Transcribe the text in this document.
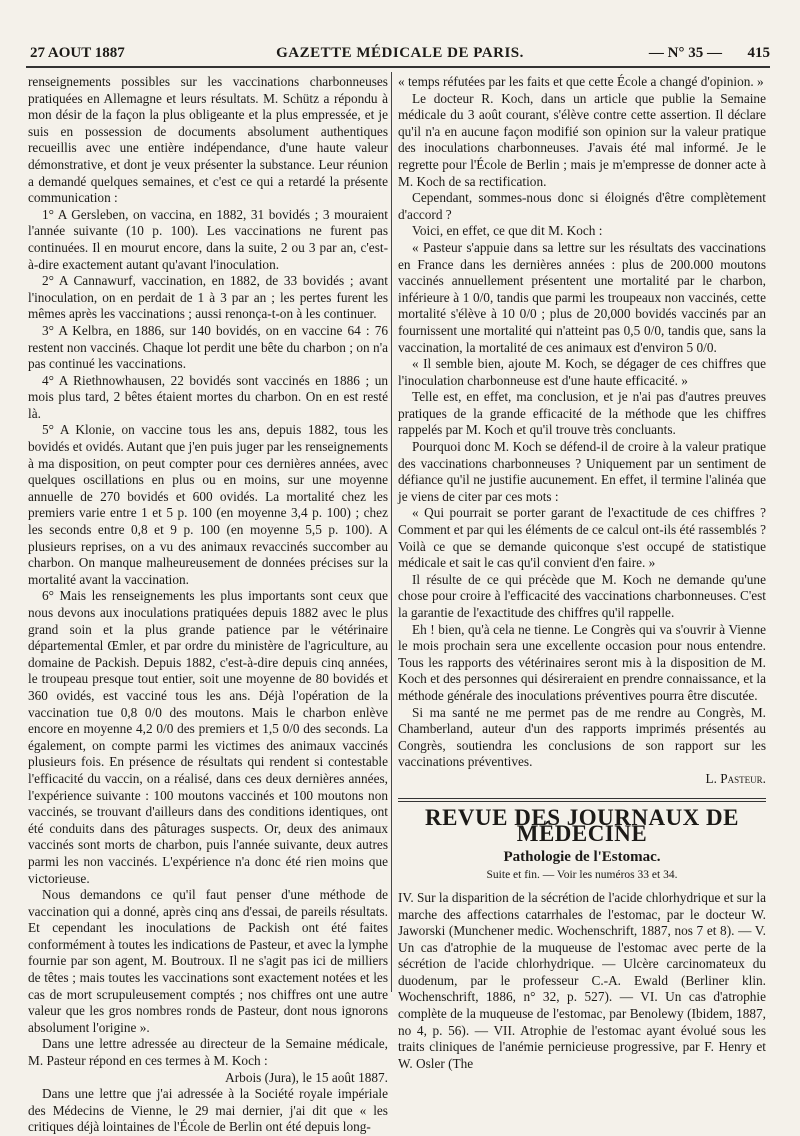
27 AOUT 1887	GAZETTE MÉDICALE DE PARIS.	— N° 35 — 415

renseignements possibles sur les vaccinations charbonneuses pratiquées en Allemagne et leurs résultats. M. Schütz a répondu à mon désir de la façon la plus obligeante et la plus empressée, et je suis en possession de documents absolument authentiques recueillis avec une entière indépendance, d'une haute valeur démonstrative, et dont je veux présenter la substance. Leur réunion a demandé quelques semaines, et c'est ce qui a retardé la présente communication :

1° A Gersleben, on vaccina, en 1882, 31 bovidés ; 3 mouraient l'année suivante (10 p. 100). Les vaccinations ne furent pas continuées. Il en mourut encore, dans la suite, 2 ou 3 par an, c'est-à-dire exactement autant qu'avant l'inoculation.

2° A Cannawurf, vaccination, en 1882, de 33 bovidés ; avant l'inoculation, on en perdait de 1 à 3 par an ; les pertes furent les mêmes après les vaccinations ; aussi renonça-t-on à les continuer.

3° A Kelbra, en 1886, sur 140 bovidés, on en vaccine 64 : 76 restent non vaccinés. Chaque lot perdit une bête du charbon ; on n'a pas continué les vaccinations.

4° A Riethnowhausen, 22 bovidés sont vaccinés en 1886 ; un mois plus tard, 2 bêtes étaient mortes du charbon. On en est resté là.

5° A Klonie, on vaccine tous les ans, depuis 1882, tous les bovidés et ovidés. Autant que j'en puis juger par les renseignements à ma disposition, on peut compter pour ces dernières années, avec quelques oscillations en plus ou en moins, sur une moyenne annuelle de 270 bovidés et 600 ovidés. La mortalité chez les premiers varie entre 1 et 5 p. 100 (en moyenne 3,4 p. 100) ; chez les seconds entre 0,8 et 9 p. 100 (en moyenne 5,5 p. 100). A plusieurs reprises, on a vu des animaux revaccinés succomber au charbon. On manque malheureusement de données précises sur la mortalité avant la vaccination.

6° Mais les renseignements les plus importants sont ceux que nous devons aux inoculations pratiquées depuis 1882 avec le plus grand soin et la plus grande patience par le vétérinaire départemental Œmler, et par ordre du ministère de l'agriculture, au domaine de Packish. Depuis 1882, c'est-à-dire depuis cinq années, le troupeau presque tout entier, soit une moyenne de 80 bovidés et 360 ovidés, est vacciné tous les ans. Déjà l'opération de la vaccination tue 0,8 0/0 des moutons. Mais le charbon enlève encore en moyenne 4,2 0/0 des premiers et 1,5 0/0 des seconds. La également, on compte parmi les victimes des animaux vaccinés plusieurs fois. En présence de résultats qui rendent si contestable l'efficacité du vaccin, on a réalisé, dans ces deux dernières années, l'expérience suivante : 100 moutons vaccinés et 100 moutons non vaccinés, se trouvant d'ailleurs dans des conditions identiques, ont été conduits dans des pâturages suspects. Or, deux des animaux vaccinés sont morts de charbon, puis l'année suivante, deux autres parmi les non vaccinés. L'expérience n'a donc été rien moins que victorieuse.

Nous demandons ce qu'il faut penser d'une méthode de vaccination qui a donné, après cinq ans d'essai, de pareils résultats. Et cependant les inoculations de Packish ont été faites conformément à toutes les indications de Pasteur, et avec la lymphe fournie par son agent, M. Boutroux. Il ne s'agit pas ici de milliers de têtes ; mais toutes les vaccinations sont exactement notées et les cas de mort scrupuleusement comptés ; nos chiffres ont une autre valeur que les gros nombres ronds de Pasteur, dont nous ignorons absolument l'origine ».

Dans une lettre adressée au directeur de la Semaine médicale, M. Pasteur répond en ces termes à M. Koch :

Arbois (Jura), le 15 août 1887.

Dans une lettre que j'ai adressée à la Société royale impériale des Médecins de Vienne, le 29 mai dernier, j'ai dit que « les critiques déjà lointaines de l'École de Berlin ont été depuis long-

« temps réfutées par les faits et que cette École a changé d'opinion. »

Le docteur R. Koch, dans un article que publie la Semaine médicale du 3 août courant, s'élève contre cette assertion. Il déclare qu'il n'a en aucune façon modifié son opinion sur la valeur pratique des inoculations charbonneuses. J'avais été mal informé. Je le regrette pour l'École de Berlin ; mais je m'empresse de donner acte à M. Koch de sa rectification.

Cependant, sommes-nous donc si éloignés d'être complètement d'accord ?

Voici, en effet, ce que dit M. Koch :

« Pasteur s'appuie dans sa lettre sur les résultats des vaccinations en France dans les dernières années : plus de 200.000 moutons vaccinés annuellement présentent une mortalité par le charbon, inférieure à 1 0/0, tandis que parmi les troupeaux non vaccinés, cette mortalité s'élève à 10 0/0 ; plus de 20,000 bovidés vaccinés par an fournissent une mortalité qui n'atteint pas 0,5 0/0, tandis que, sans la vaccination, la mortalité de ces animaux est d'environ 5 0/0.

« Il semble bien, ajoute M. Koch, se dégager de ces chiffres que l'inoculation charbonneuse est d'une haute efficacité. »

Telle est, en effet, ma conclusion, et je n'ai pas d'autres preuves pratiques de la grande efficacité de la méthode que les chiffres rappelés par M. Koch et qu'il trouve très concluants.

Pourquoi donc M. Koch se défend-il de croire à la valeur pratique des vaccinations charbonneuses ? Uniquement par un sentiment de défiance qu'il ne justifie aucunement. En effet, il termine l'alinéa que je viens de citer par ces mots :

« Qui pourrait se porter garant de l'exactitude de ces chiffres ? Comment et par qui les éléments de ce calcul ont-ils été rassemblés ? Voilà ce que se demande quiconque s'est occupé de statistique médicale et sait le cas qu'il convient d'en faire. »

Il résulte de ce qui précède que M. Koch ne demande qu'une chose pour croire à l'efficacité des vaccinations charbonneuses. C'est la garantie de l'exactitude des chiffres qu'il rappelle.

Eh ! bien, qu'à cela ne tienne. Le Congrès qui va s'ouvrir à Vienne le mois prochain sera une excellente occasion pour nous entendre. Tous les rapports des vétérinaires seront mis à la disposition de M. Koch et des personnes qui désireraient en prendre connaissance, et la méthode générale des inoculations préventives pourra être discutée.

Si ma santé ne me permet pas de me rendre au Congrès, M. Chamberland, auteur d'un des rapports imprimés présentés au Congrès, soutiendra les conclusions de son rapport sur les vaccinations préventives.

L. Pasteur.

REVUE DES JOURNAUX DE MÉDECINE
Pathologie de l'Estomac.
Suite et fin. — Voir les numéros 33 et 34.

IV. Sur la disparition de la sécrétion de l'acide chlorhydrique et sur la marche des affections catarrhales de l'estomac, par le docteur W. Jaworski (Munchener medic. Wochenschrift, 1887, nos 7 et 8). — V. Un cas d'atrophie de la muqueuse de l'estomac avec perte de la sécrétion de l'acide chlorhydrique. — Ulcère carcinomateux du duodenum, par le professeur C.-A. Ewald (Berliner klin. Wochenschrift, 1886, n° 32, p. 527). — VI. Un cas d'atrophie complète de la muqueuse de l'estomac, par Benolewy (Ibidem, 1887, no 4, p. 56). — VII. Atrophie de l'estomac ayant évolué sous les traits cliniques de l'anémie pernicieuse progressive, par F. Henry et W. Osler (The
